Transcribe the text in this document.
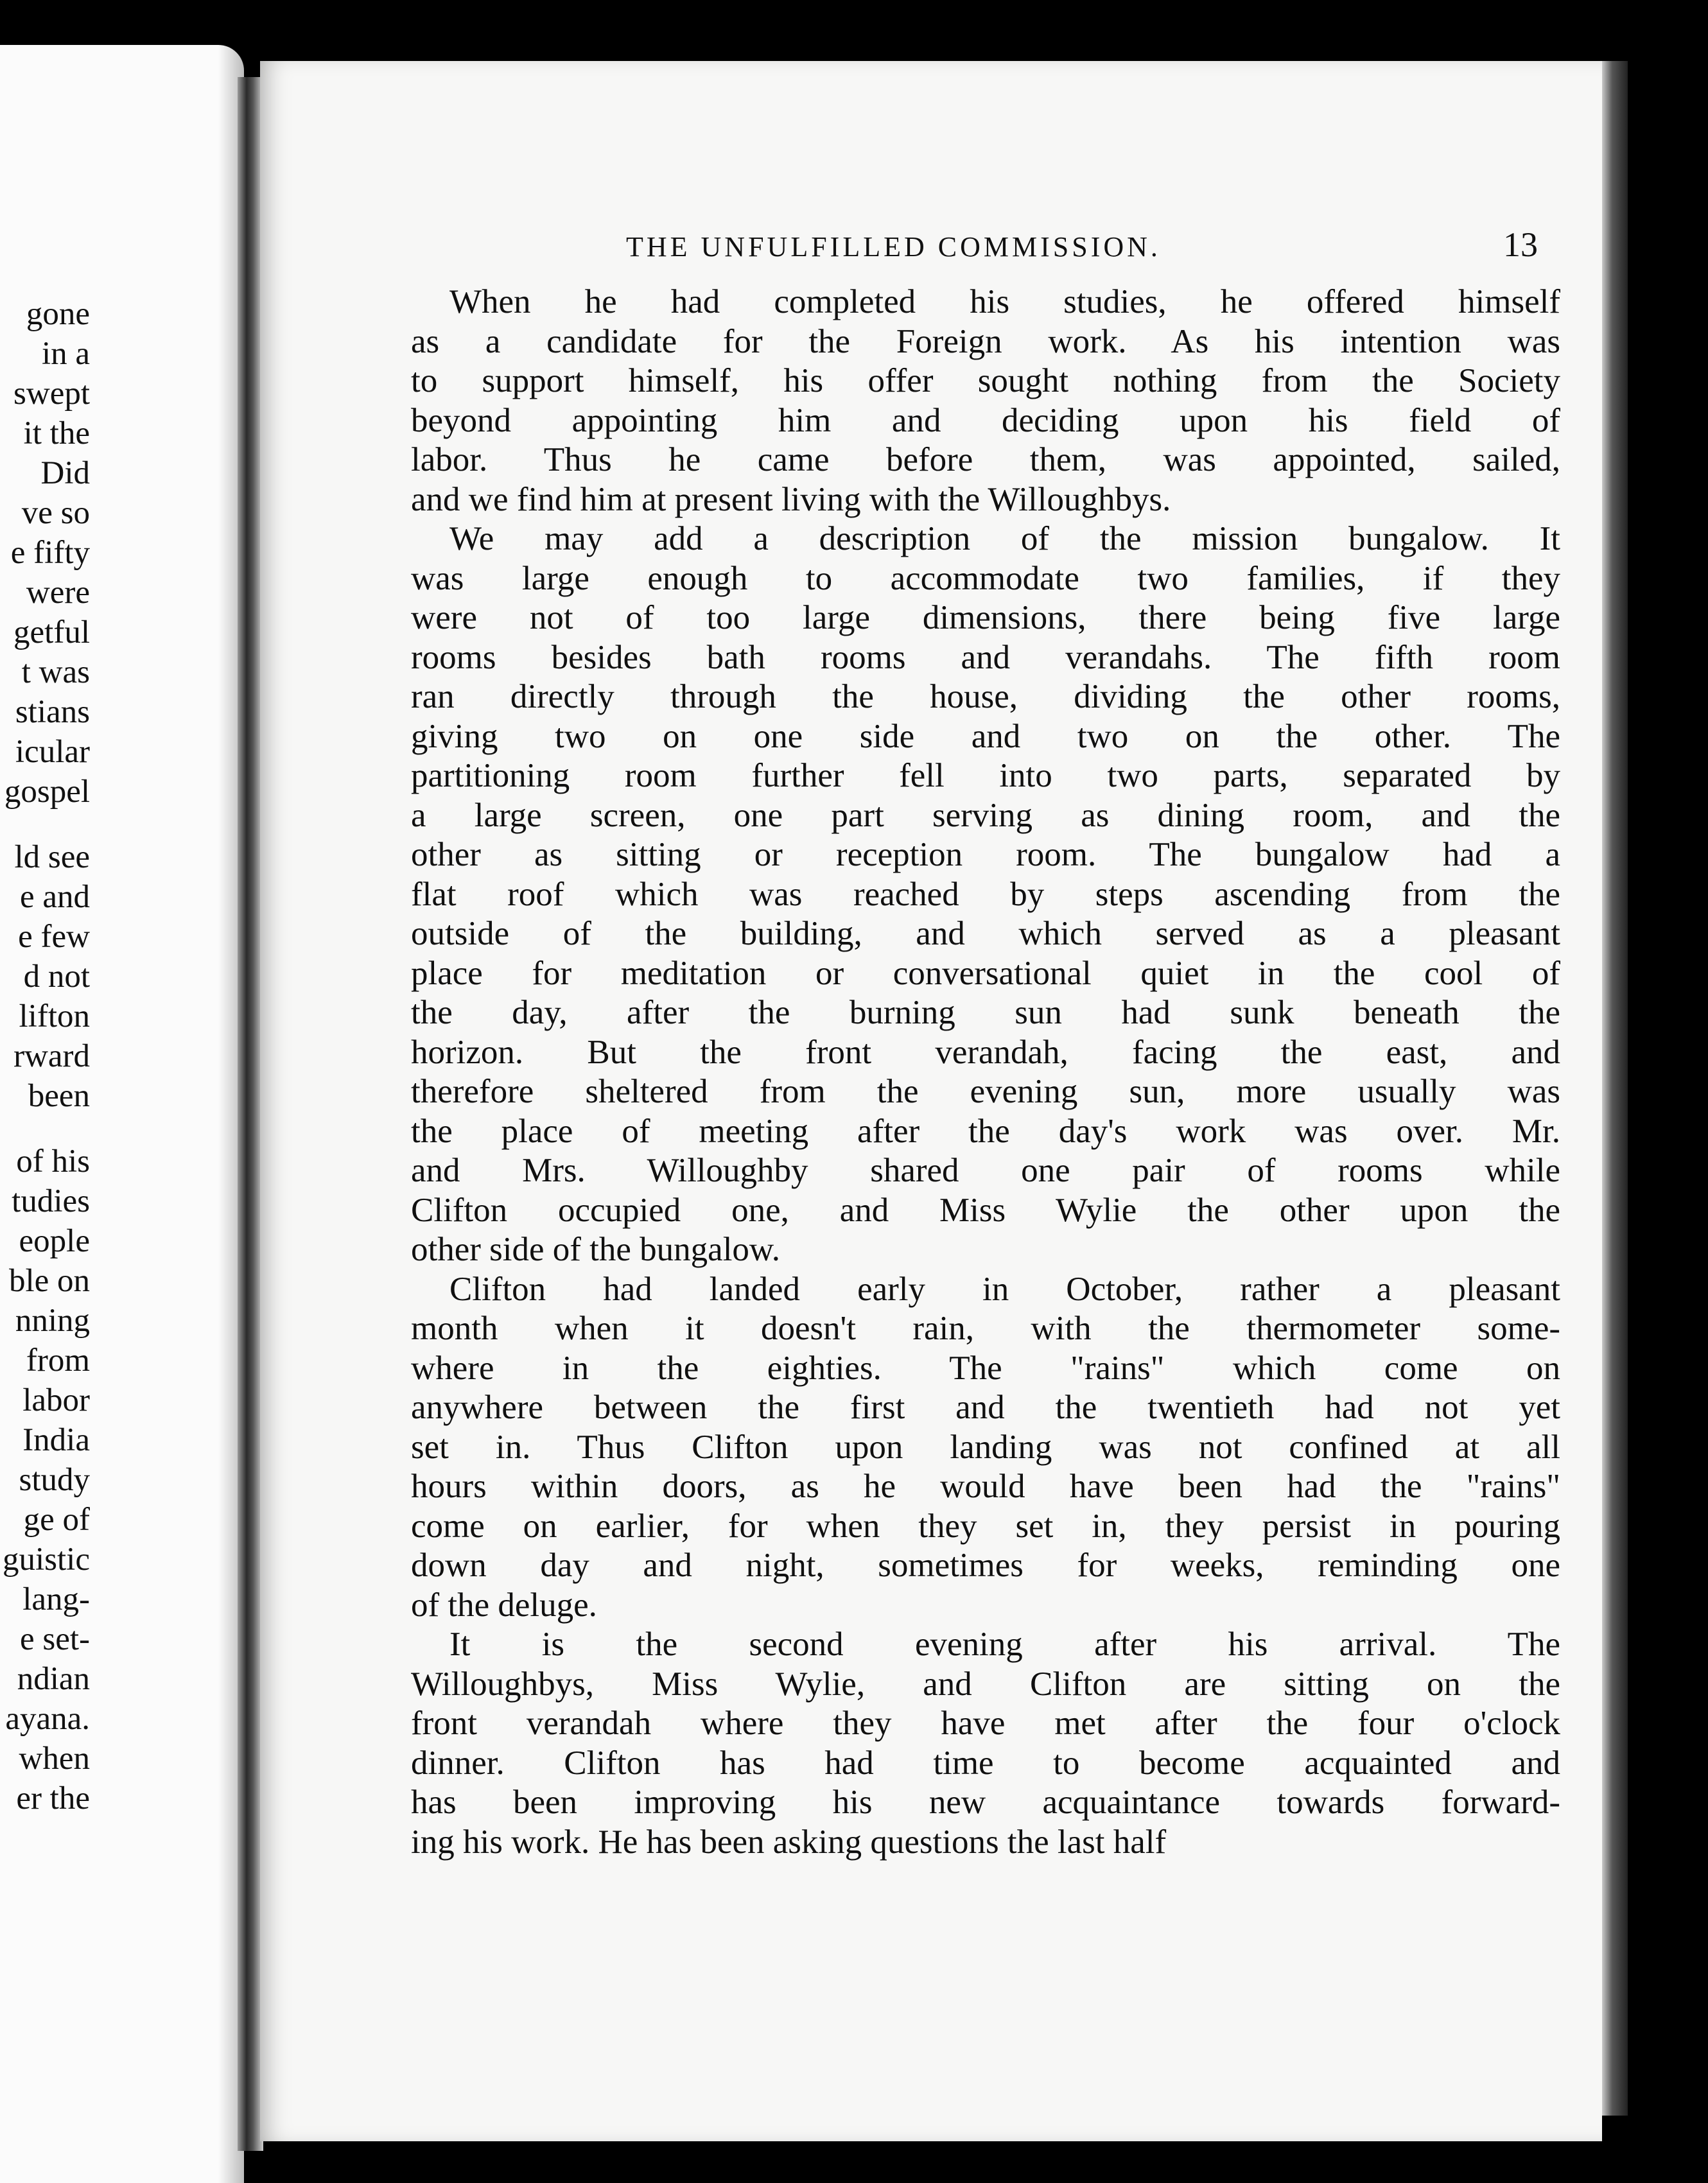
gone
in a
swept
it the
Did
ve so
e fifty
were
getful
t was
stians
icular
gospel
ld see
e and
e few
d not
lifton
rward
been
of his
tudies
eople
ble on
nning
from
labor
India
study
ge of
guistic
lang-
e set-
ndian
ayana.
when
er the
THE UNFULFILLED COMMISSION.	13

When he had completed his studies, he offered himself
as a candidate for the Foreign work. As his intention was
to support himself, his offer sought nothing from the Society
beyond appointing him and deciding upon his field of
labor. Thus he came before them, was appointed, sailed,
and we find him at present living with the Willoughbys.

We may add a description of the mission bungalow. It
was large enough to accommodate two families, if they
were not of too large dimensions, there being five large
rooms besides bath rooms and verandahs. The fifth room
ran directly through the house, dividing the other rooms,
giving two on one side and two on the other. The
partitioning room further fell into two parts, separated by
a large screen, one part serving as dining room, and the
other as sitting or reception room. The bungalow had a
flat roof which was reached by steps ascending from the
outside of the building, and which served as a pleasant
place for meditation or conversational quiet in the cool of
the day, after the burning sun had sunk beneath the
horizon. But the front verandah, facing the east, and
therefore sheltered from the evening sun, more usually was
the place of meeting after the day's work was over. Mr.
and Mrs. Willoughby shared one pair of rooms while
Clifton occupied one, and Miss Wylie the other upon the
other side of the bungalow.

Clifton had landed early in October, rather a pleasant
month when it doesn't rain, with the thermometer some-
where in the eighties. The "rains" which come on
anywhere between the first and the twentieth had not yet
set in. Thus Clifton upon landing was not confined at all
hours within doors, as he would have been had the "rains"
come on earlier, for when they set in, they persist in pouring
down day and night, sometimes for weeks, reminding one
of the deluge.

It is the second evening after his arrival. The
Willoughbys, Miss Wylie, and Clifton are sitting on the
front verandah where they have met after the four o'clock
dinner. Clifton has had time to become acquainted and
has been improving his new acquaintance towards forward-
ing his work. He has been asking questions the last half
